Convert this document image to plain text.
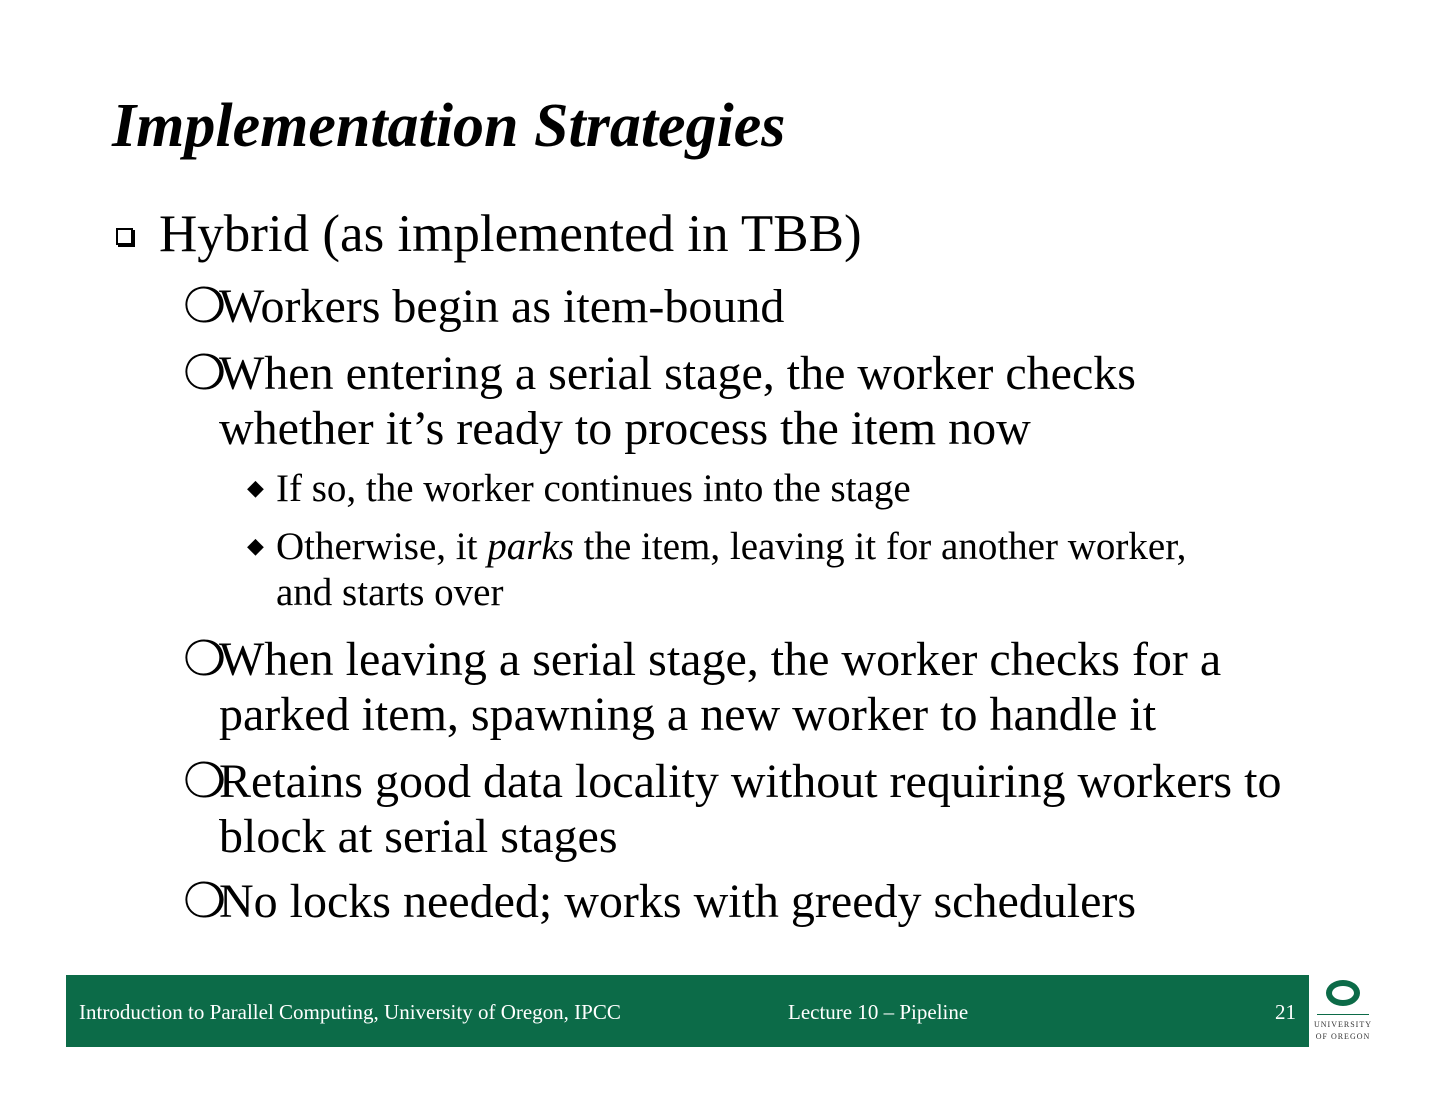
Implementation Strategies
Hybrid (as implemented in TBB)
❍Workers begin as item-bound
❍When entering a serial stage, the worker checks
whether it’s ready to process the item now
◆ If so, the worker continues into the stage
◆ Otherwise, it parks the item, leaving it for another worker,
and starts over
❍When leaving a serial stage, the worker checks for a
parked item, spawning a new worker to handle it
❍Retains good data locality without requiring workers to
block at serial stages
❍No locks needed; works with greedy schedulers
Introduction to Parallel Computing, University of Oregon, IPCC	Lecture 10 – Pipeline	21
UNIVERSITY
OF OREGON
